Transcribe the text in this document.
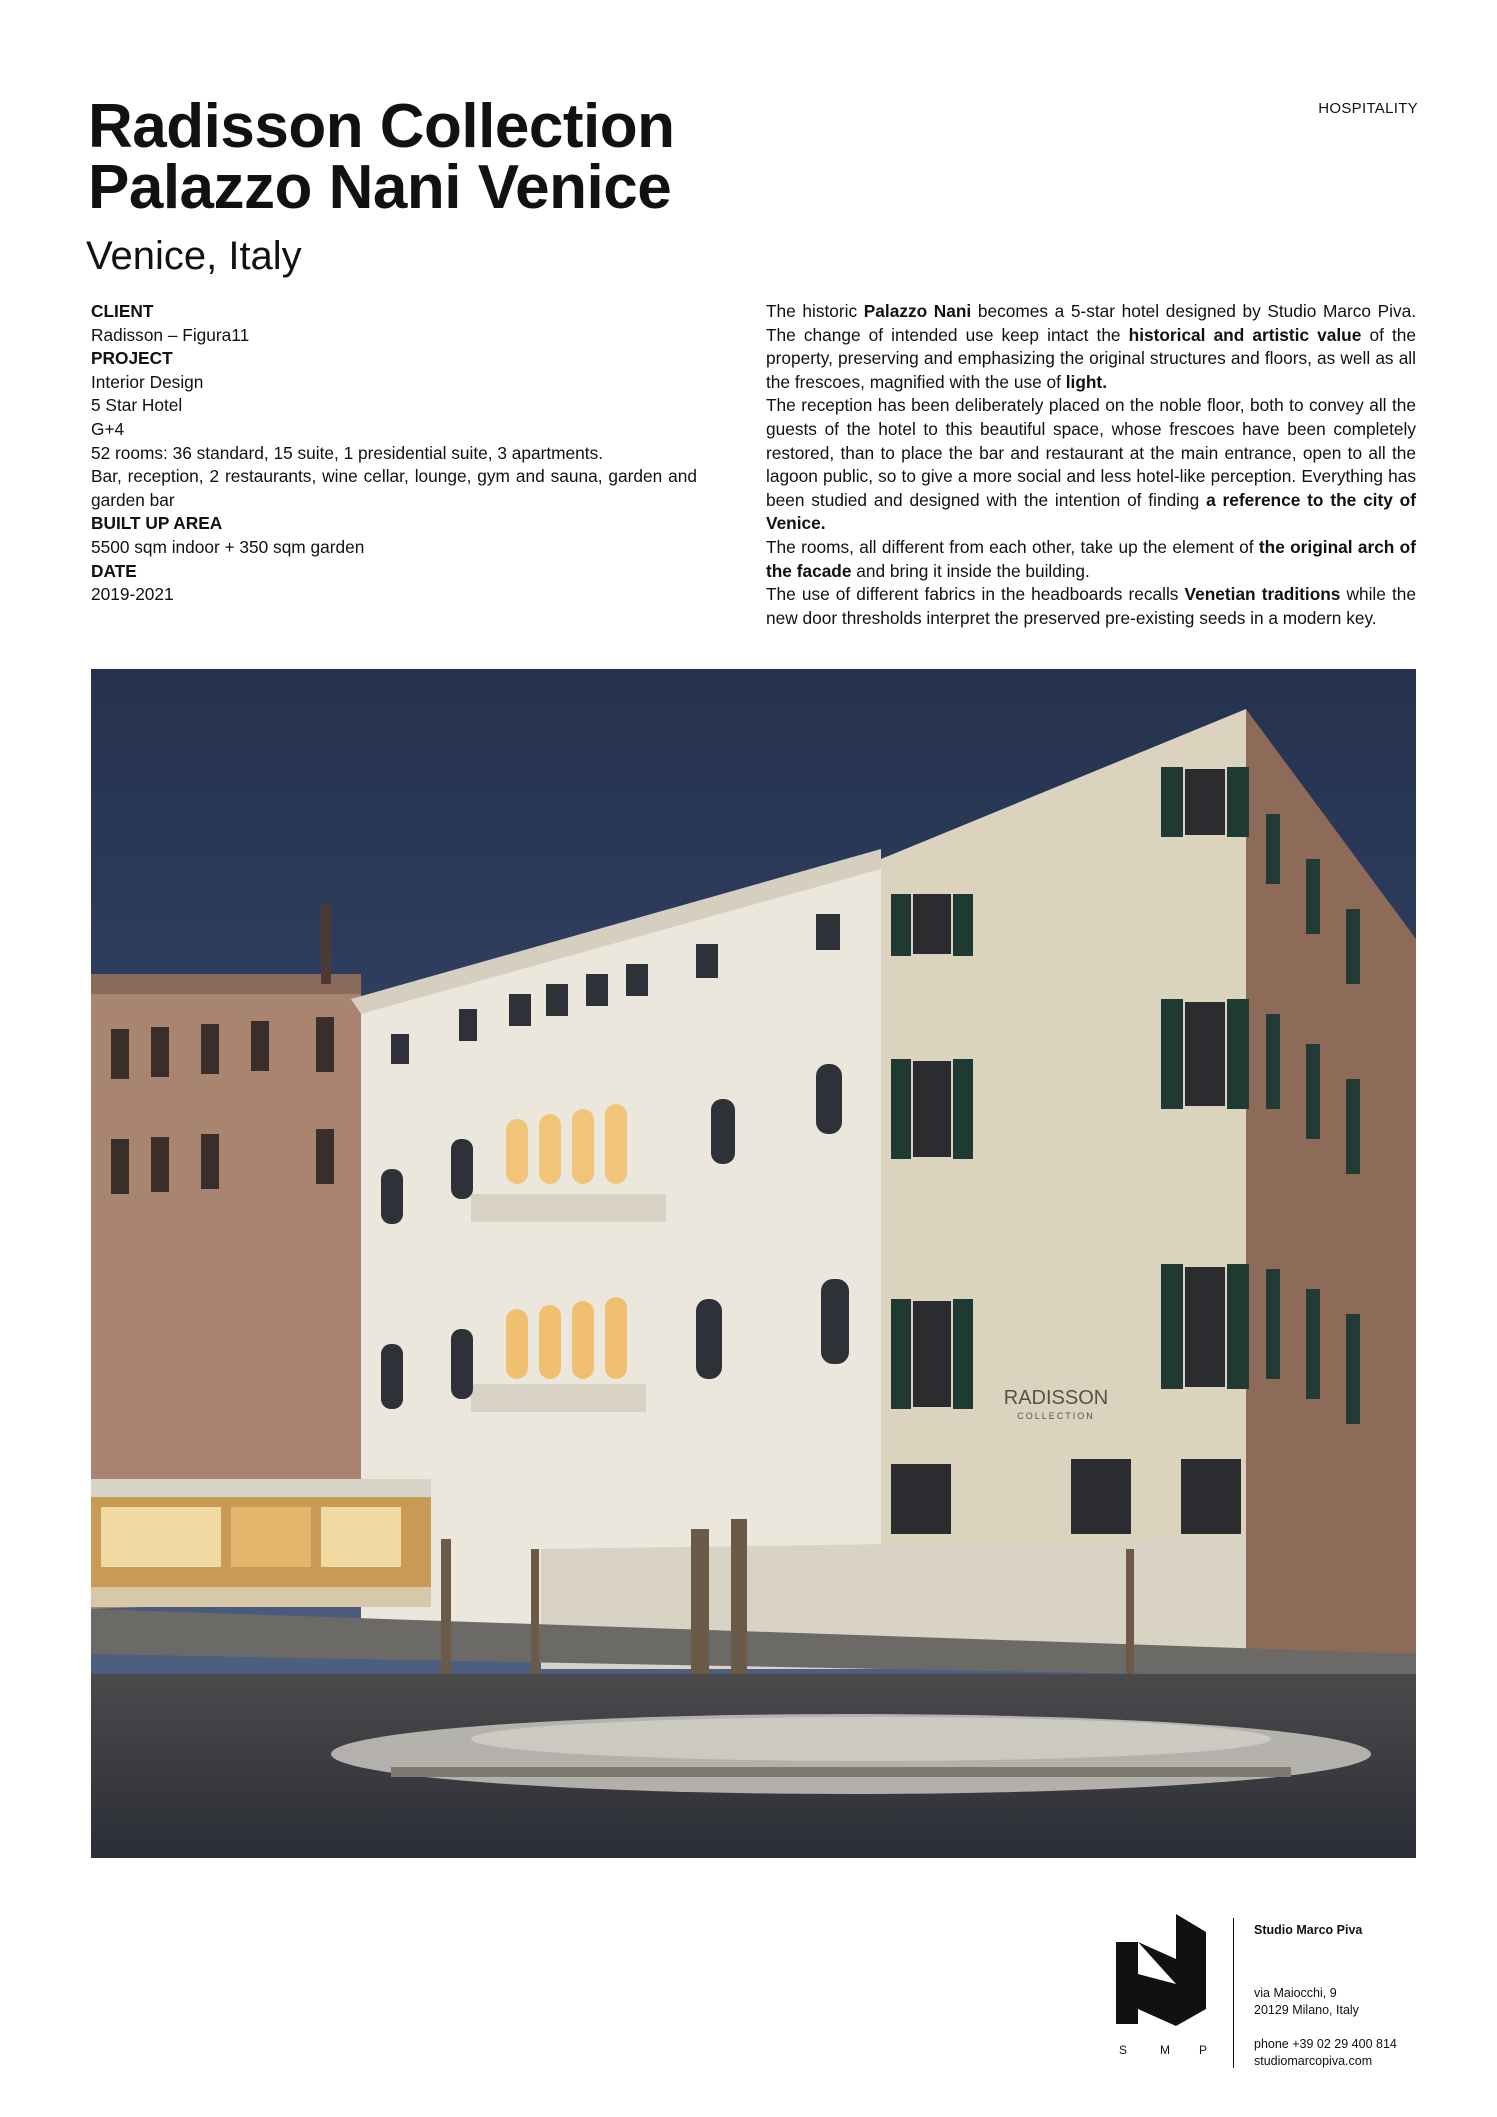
HOSPITALITY
Radisson Collection
Palazzo Nani Venice
Venice, Italy
CLIENT
Radisson – Figura11
PROJECT
Interior Design
5 Star Hotel
G+4
52 rooms: 36 standard, 15 suite, 1 presidential suite, 3 apartments.
Bar, reception, 2 restaurants, wine cellar, lounge, gym and sauna, garden and garden bar
BUILT UP AREA
5500 sqm indoor + 350 sqm garden
DATE
2019-2021

The historic Palazzo Nani becomes a 5-star hotel designed by Studio Marco Piva. The change of intended use keep intact the historical and artistic value of the property, preserving and emphasizing the original structures and floors, as well as all the frescoes, magnified with the use of light.

The reception has been deliberately placed on the noble floor, both to convey all the guests of the hotel to this beautiful space, whose frescoes have been completely restored, than to place the bar and restaurant at the main entrance, open to all the lagoon public, so to give a more social and less hotel-like perception. Everything has been studied and designed with the intention of finding a reference to the city of Venice.

The rooms, all different from each other, take up the element of the original arch of the facade and bring it inside the building.

The use of different fabrics in the headboards recalls Venetian traditions while the new door thresholds interpret the preserved pre-existing seeds in a modern key.

RADISSON
COLLECTION
S	M P
Studio Marco Piva
via Maiocchi, 9
20129 Milano, Italy
phone +39 02 29 400 814
studiomarcopiva.com
